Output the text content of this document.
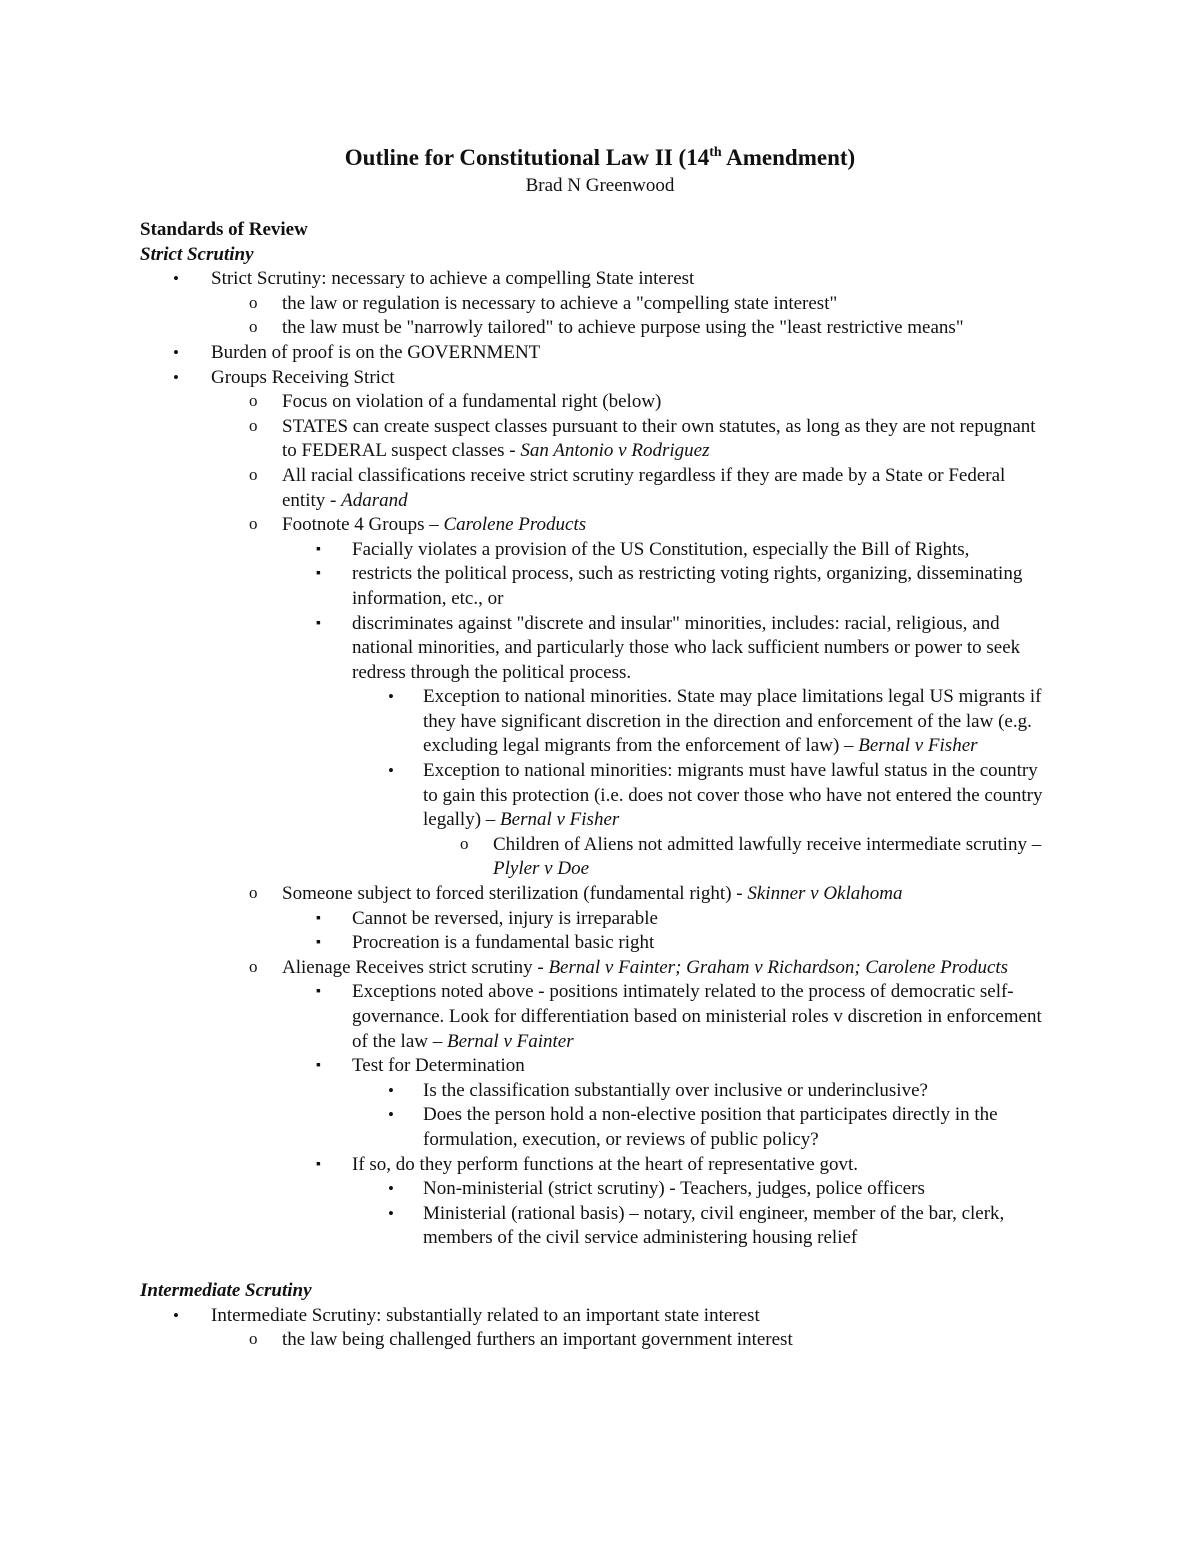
Outline for Constitutional Law II (14th Amendment)
Brad N Greenwood
Standards of Review
Strict Scrutiny
• Strict Scrutiny: necessary to achieve a compelling State interest
o the law or regulation is necessary to achieve a "compelling state interest"
o the law must be "narrowly tailored" to achieve purpose using the "least restrictive means"
• Burden of proof is on the GOVERNMENT
• Groups Receiving Strict
o Focus on violation of a fundamental right (below)
o STATES can create suspect classes pursuant to their own statutes, as long as they are not repugnant to FEDERAL suspect classes - San Antonio v Rodriguez
o All racial classifications receive strict scrutiny regardless if they are made by a State or Federal entity - Adarand
o Footnote 4 Groups – Carolene Products
▪ Facially violates a provision of the US Constitution, especially the Bill of Rights,
▪ restricts the political process, such as restricting voting rights, organizing, disseminating information, etc., or
▪ discriminates against "discrete and insular" minorities, includes: racial, religious, and national minorities, and particularly those who lack sufficient numbers or power to seek redress through the political process.
• Exception to national minorities. State may place limitations legal US migrants if they have significant discretion in the direction and enforcement of the law (e.g. excluding legal migrants from the enforcement of law) – Bernal v Fisher
• Exception to national minorities: migrants must have lawful status in the country to gain this protection (i.e. does not cover those who have not entered the country legally) – Bernal v Fisher
o Children of Aliens not admitted lawfully receive intermediate scrutiny – Plyler v Doe
o Someone subject to forced sterilization (fundamental right) - Skinner v Oklahoma
▪ Cannot be reversed, injury is irreparable
▪ Procreation is a fundamental basic right
o Alienage Receives strict scrutiny - Bernal v Fainter; Graham v Richardson; Carolene Products
▪ Exceptions noted above - positions intimately related to the process of democratic self-governance. Look for differentiation based on ministerial roles v discretion in enforcement of the law – Bernal v Fainter
▪ Test for Determination
• Is the classification substantially over inclusive or underinclusive?
• Does the person hold a non-elective position that participates directly in the formulation, execution, or reviews of public policy?
▪ If so, do they perform functions at the heart of representative govt.
• Non-ministerial (strict scrutiny) - Teachers, judges, police officers
• Ministerial (rational basis) – notary, civil engineer, member of the bar, clerk, members of the civil service administering housing relief
Intermediate Scrutiny
• Intermediate Scrutiny: substantially related to an important state interest
o the law being challenged furthers an important government interest
